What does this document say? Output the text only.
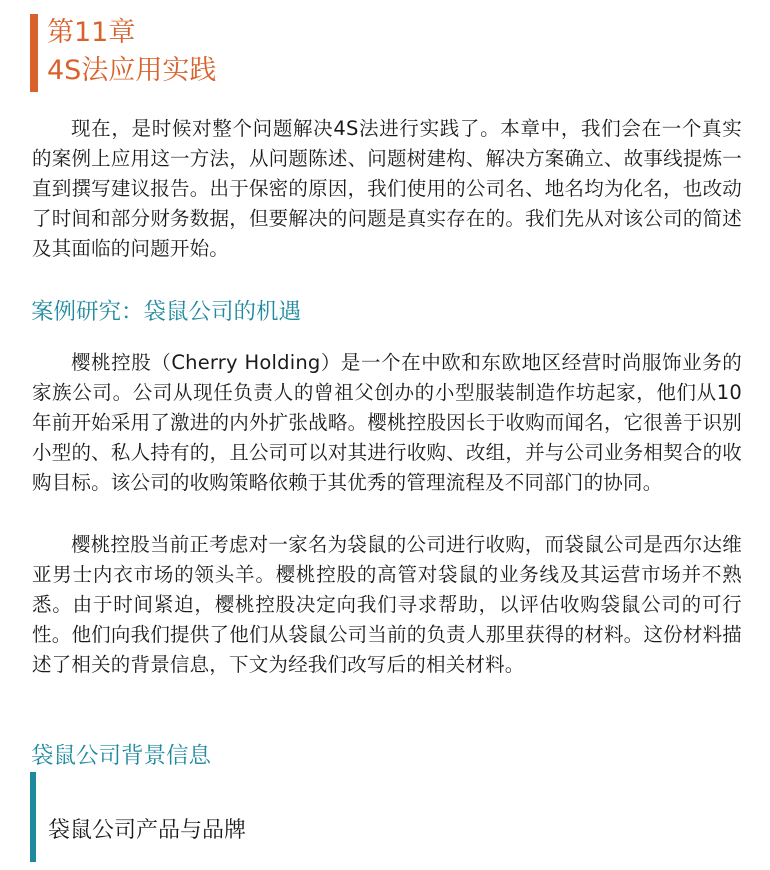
第11章
4S法应用实践

现在，是时候对整个问题解决4S法进行实践了。本章中，我们会在一个真实的案例上应用这一方法，从问题陈述、问题树建构、解决方案确立、故事线提炼一直到撰写建议报告。出于保密的原因，我们使用的公司名、地名均为化名，也改动了时间和部分财务数据，但要解决的问题是真实存在的。我们先从对该公司的简述及其面临的问题开始。

案例研究：袋鼠公司的机遇

樱桃控股（Cherry Holding）是一个在中欧和东欧地区经营时尚服饰业务的家族公司。公司从现任负责人的曾祖父创办的小型服装制造作坊起家，他们从10年前开始采用了激进的内外扩张战略。樱桃控股因长于收购而闻名，它很善于识别小型的、私人持有的，且公司可以对其进行收购、改组，并与公司业务相契合的收购目标。该公司的收购策略依赖于其优秀的管理流程及不同部门的协同。

樱桃控股当前正考虑对一家名为袋鼠的公司进行收购，而袋鼠公司是西尔达维亚男士内衣市场的领头羊。樱桃控股的高管对袋鼠的业务线及其运营市场并不熟悉。由于时间紧迫，樱桃控股决定向我们寻求帮助，以评估收购袋鼠公司的可行性。他们向我们提供了他们从袋鼠公司当前的负责人那里获得的材料。这份材料描述了相关的背景信息，下文为经我们改写后的相关材料。

袋鼠公司背景信息
袋鼠公司产品与品牌
